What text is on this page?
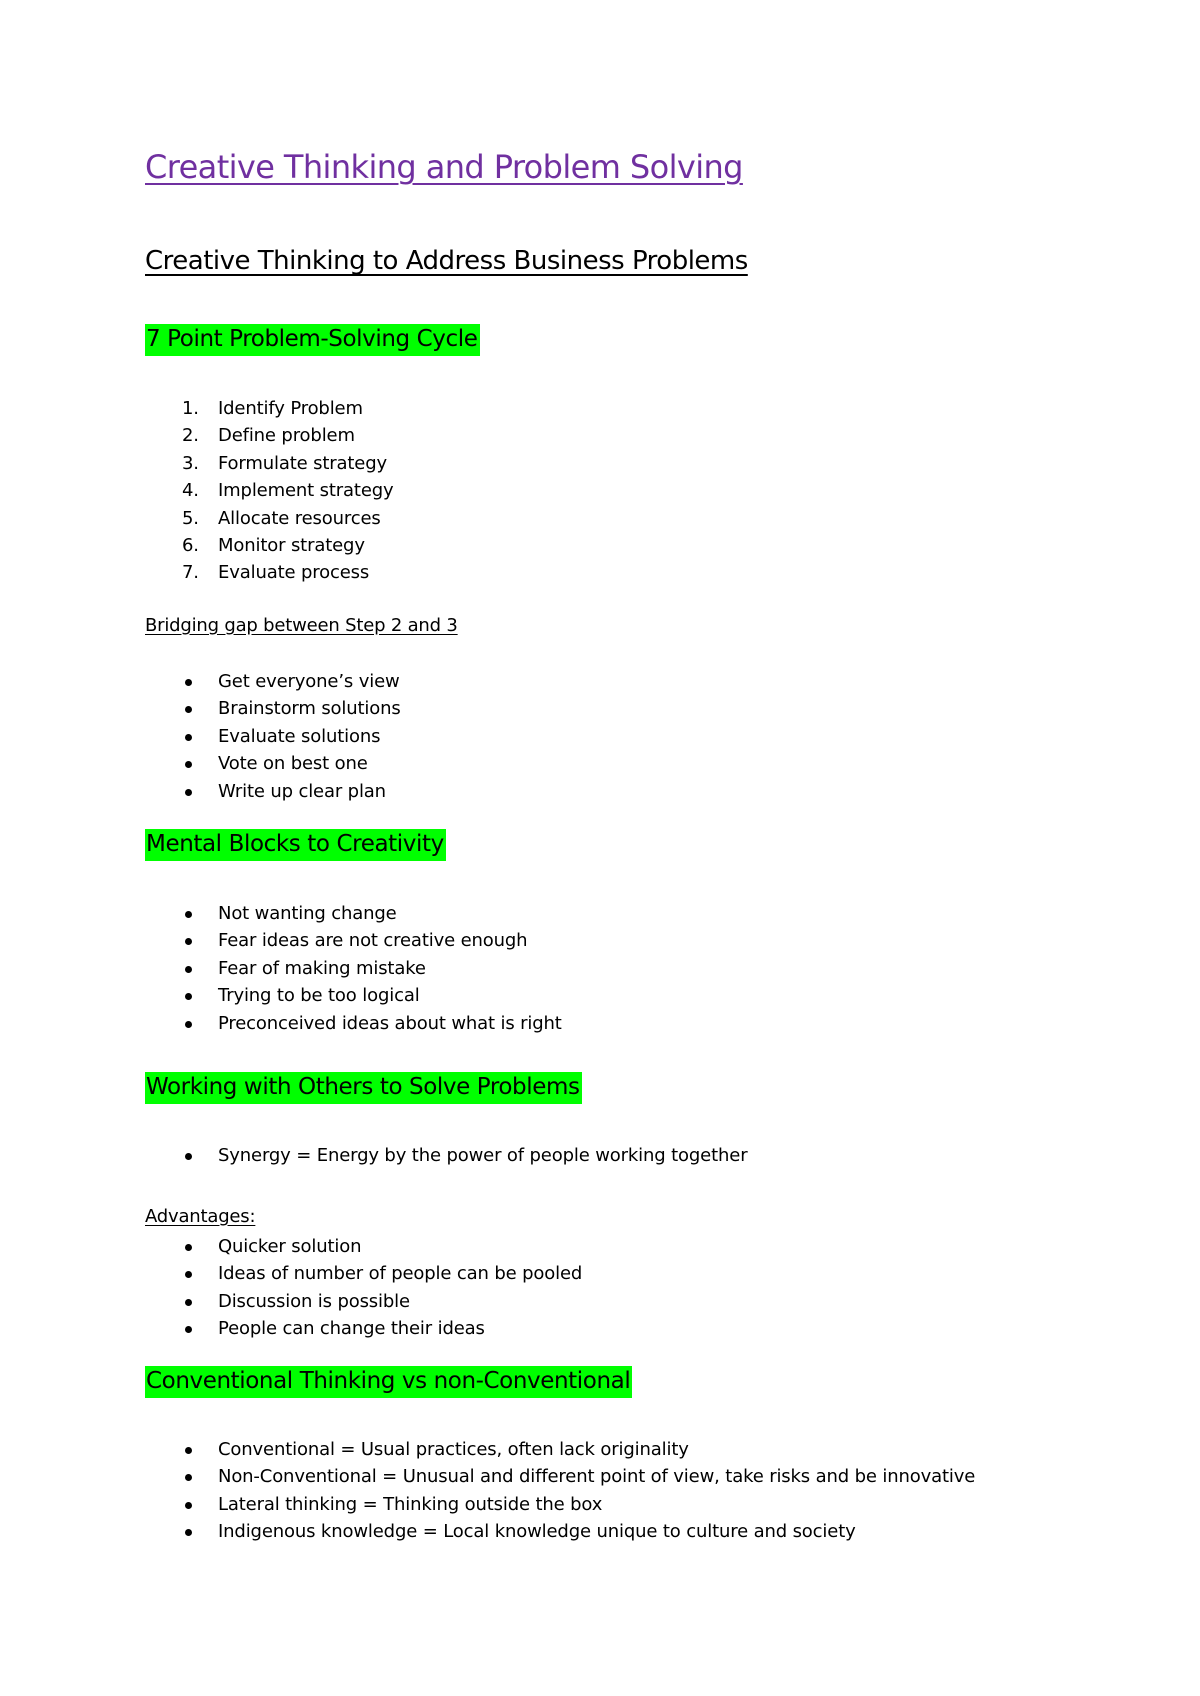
Creative Thinking and Problem Solving
Creative Thinking to Address Business Problems
7 Point Problem-Solving Cycle
1. Identify Problem
2. Define problem
3. Formulate strategy
4. Implement strategy
5. Allocate resources
6. Monitor strategy
7. Evaluate process

Bridging gap between Step 2 and 3

Get everyone’s view
Brainstorm solutions
Evaluate solutions
Vote on best one
Write up clear plan
Mental Blocks to Creativity
Not wanting change
Fear ideas are not creative enough
Fear of making mistake
Trying to be too logical
Preconceived ideas about what is right
Working with Others to Solve Problems
Synergy = Energy by the power of people working together

Advantages:

Quicker solution
Ideas of number of people can be pooled
Discussion is possible
People can change their ideas
Conventional Thinking vs non-Conventional
Conventional = Usual practices, often lack originality
Non-Conventional = Unusual and different point of view, take risks and be innovative
Lateral thinking = Thinking outside the box
Indigenous knowledge = Local knowledge unique to culture and society
